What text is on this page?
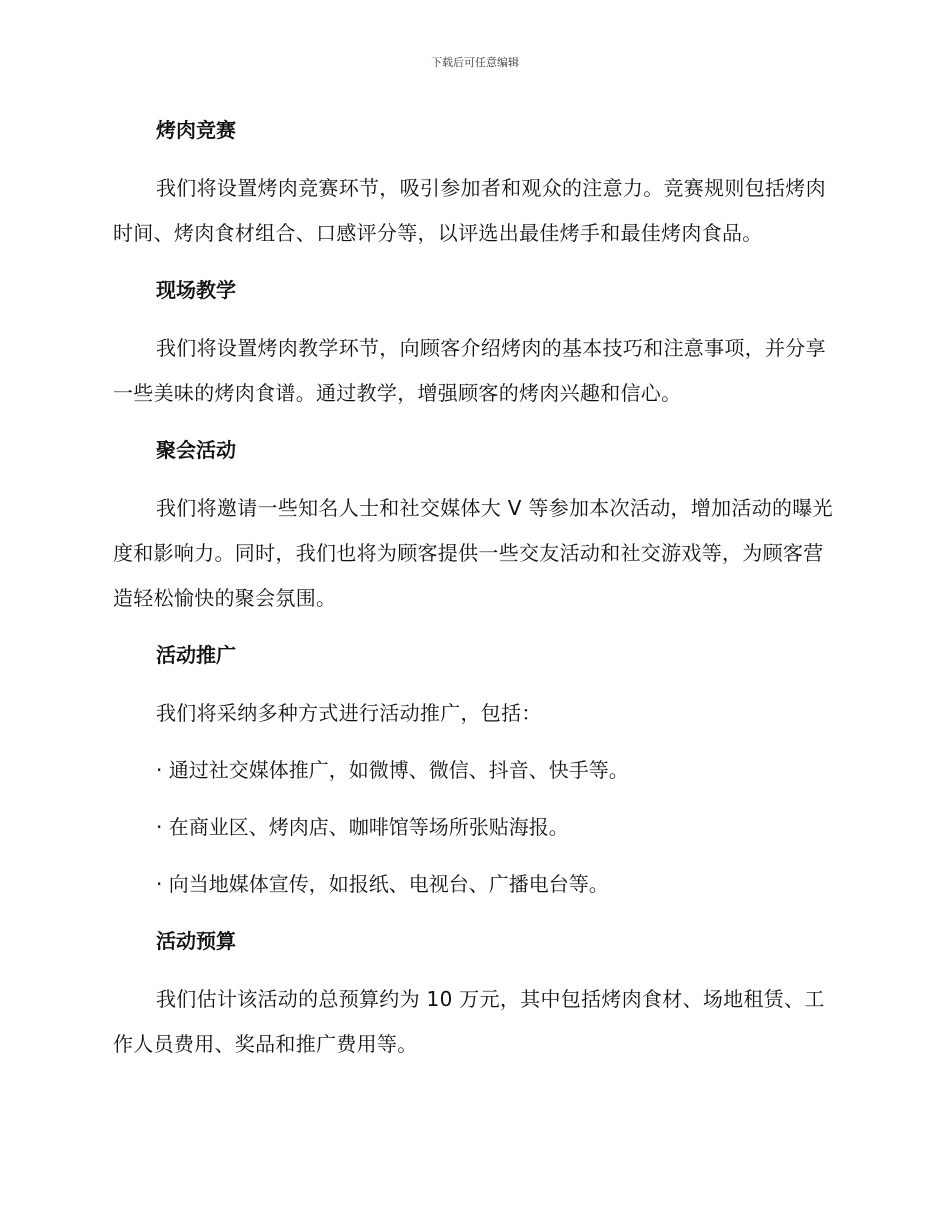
下载后可任意编辑
烤肉竞赛

我们将设置烤肉竞赛环节，吸引参加者和观众的注意力。竞赛规则包括烤肉时间、烤肉食材组合、口感评分等，以评选出最佳烤手和最佳烤肉食品。

现场教学

我们将设置烤肉教学环节，向顾客介绍烤肉的基本技巧和注意事项，并分享一些美味的烤肉食谱。通过教学，增强顾客的烤肉兴趣和信心。

聚会活动

我们将邀请一些知名人士和社交媒体大 V 等参加本次活动，增加活动的曝光度和影响力。同时，我们也将为顾客提供一些交友活动和社交游戏等，为顾客营造轻松愉快的聚会氛围。

活动推广

我们将采纳多种方式进行活动推广，包括：

· 通过社交媒体推广，如微博、微信、抖音、快手等。

· 在商业区、烤肉店、咖啡馆等场所张贴海报。

· 向当地媒体宣传，如报纸、电视台、广播电台等。

活动预算

我们估计该活动的总预算约为 10 万元，其中包括烤肉食材、场地租赁、工作人员费用、奖品和推广费用等。
